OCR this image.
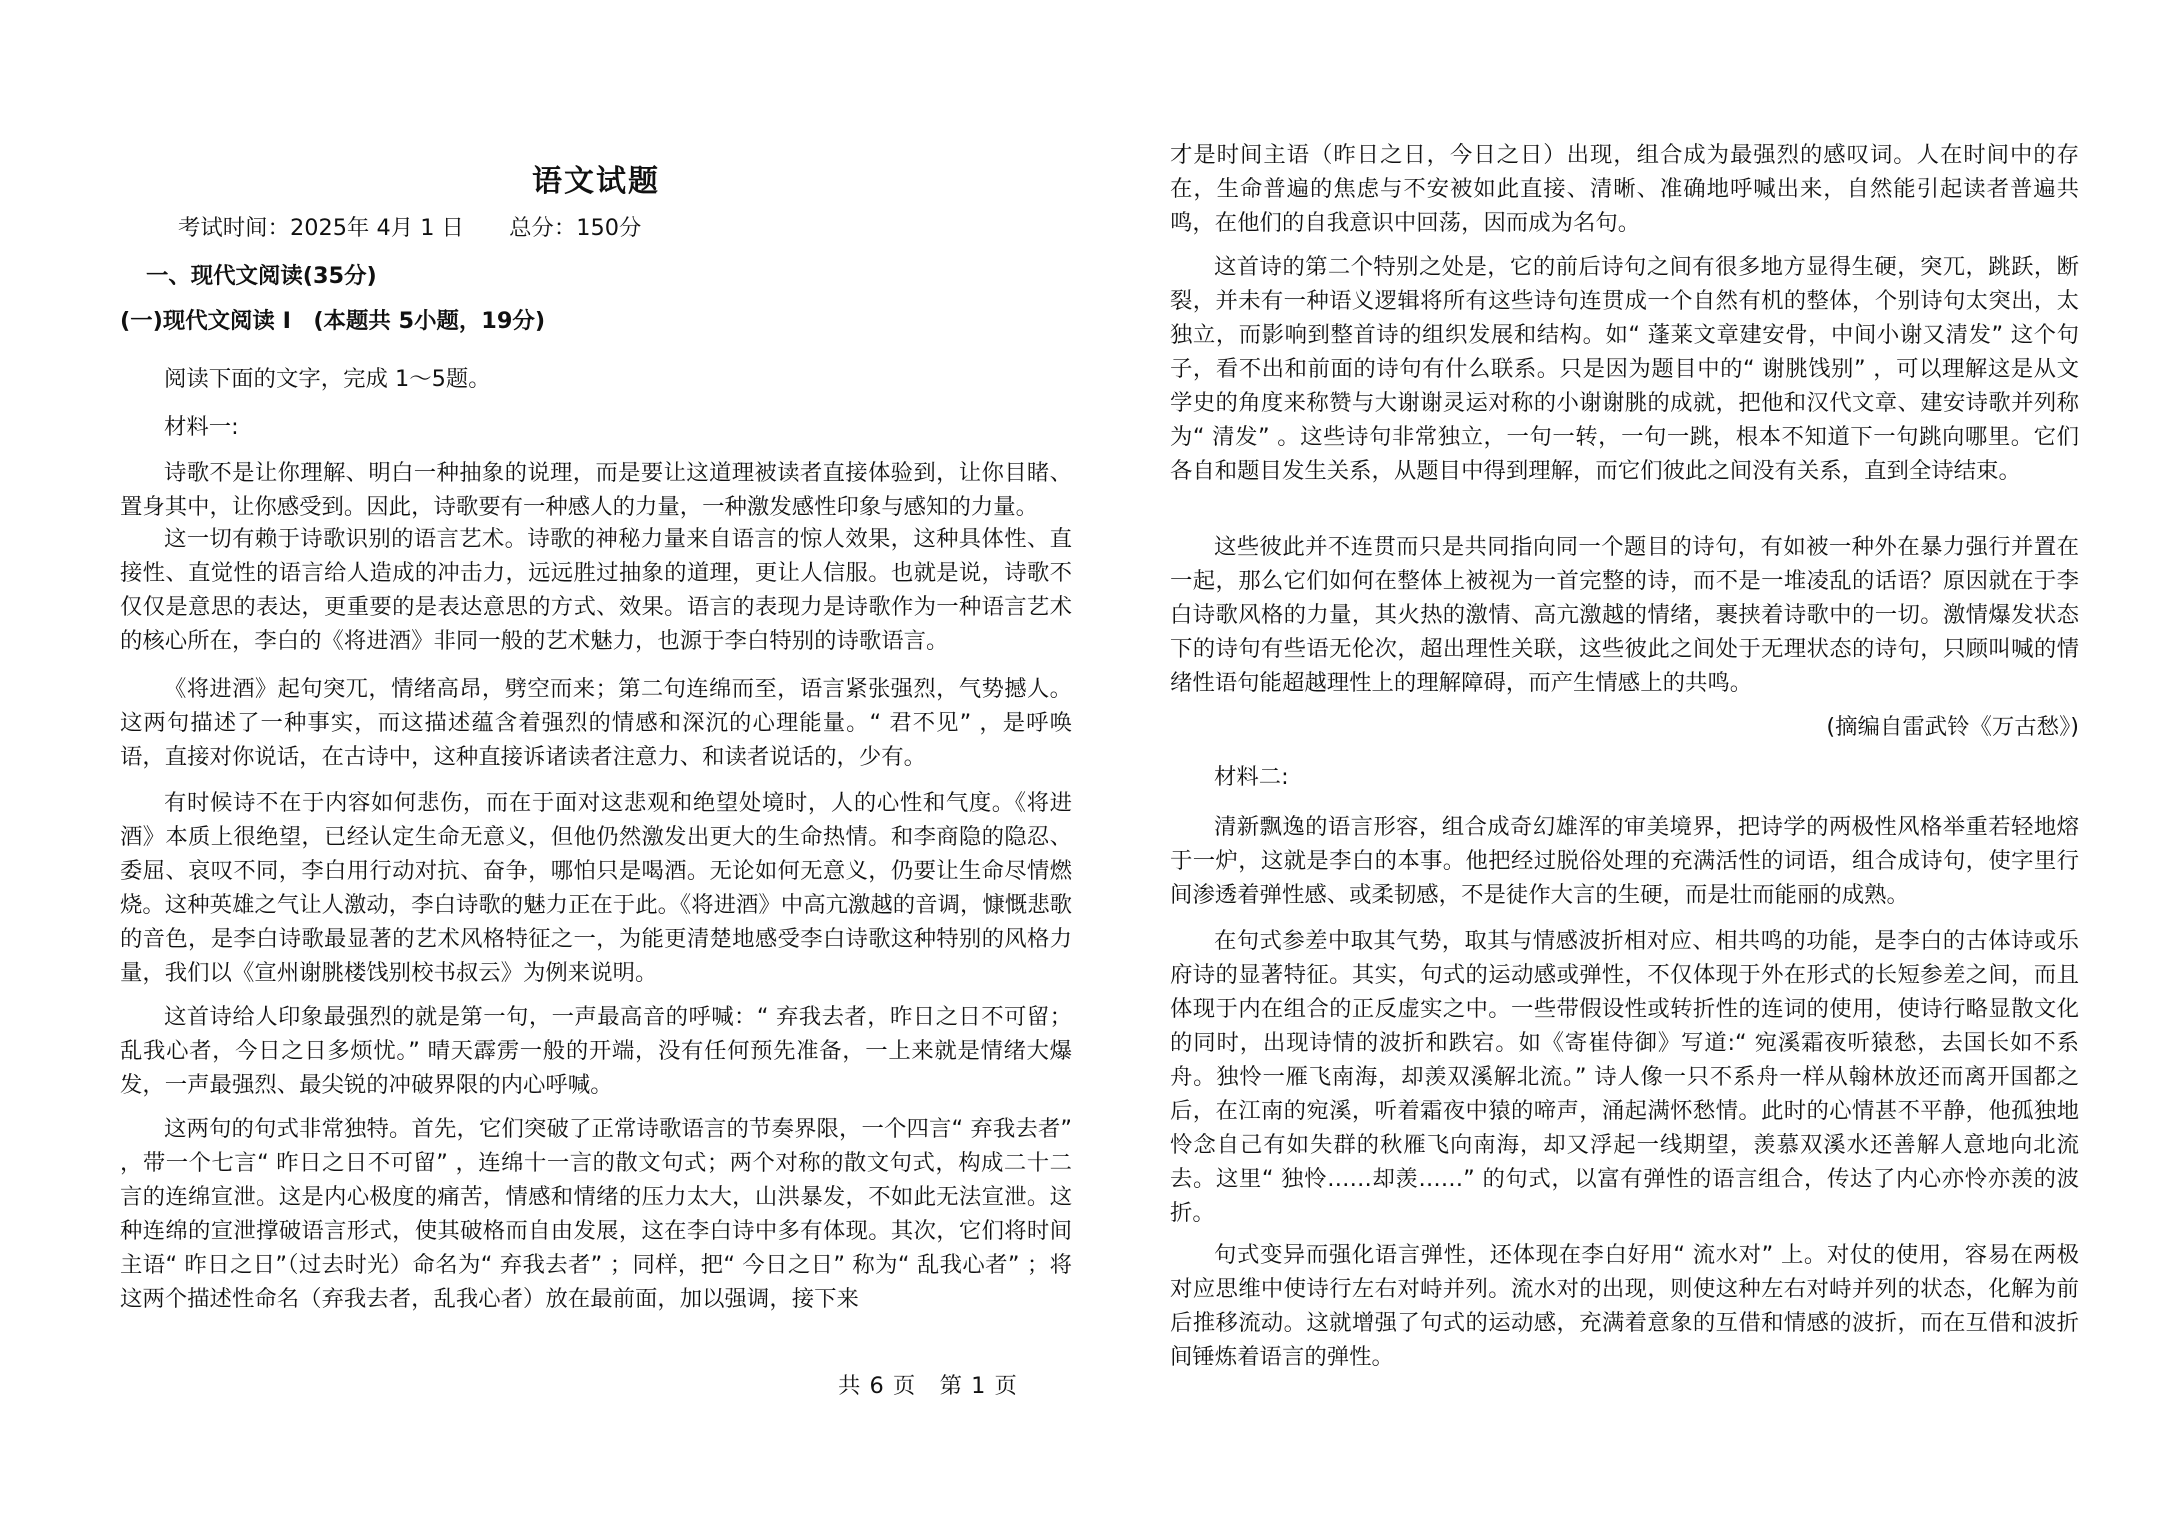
语文试题
考试时间：2025年 4月 1 日 总分：150分
一、现代文阅读(35分)
(一)现代文阅读 Ⅰ　(本题共 5小题，19分)

阅读下面的文字，完成 1～5题。

材料一:

诗歌不是让你理解、明白一种抽象的说理，而是要让这道理被读者直接体验到，让你目睹、置身其中，让你感受到。因此，诗歌要有一种感人的力量，一种激发感性印象与感知的力量。

这一切有赖于诗歌识别的语言艺术。诗歌的神秘力量来自语言的惊人效果，这种具体性、直接性、直觉性的语言给人造成的冲击力，远远胜过抽象的道理，更让人信服。也就是说，诗歌不仅仅是意思的表达，更重要的是表达意思的方式、效果。语言的表现力是诗歌作为一种语言艺术的核心所在，李白的《将进酒》非同一般的艺术魅力，也源于李白特别的诗歌语言。

《将进酒》起句突兀，情绪高昂，劈空而来；第二句连绵而至，语言紧张强烈，气势撼人。这两句描述了一种事实，而这描述蕴含着强烈的情感和深沉的心理能量。“ 君不见” ，是呼唤语，直接对你说话，在古诗中，这种直接诉诸读者注意力、和读者说话的，少有。

有时候诗不在于内容如何悲伤，而在于面对这悲观和绝望处境时，人的心性和气度。《将进酒》本质上很绝望，已经认定生命无意义，但他仍然激发出更大的生命热情。和李商隐的隐忍、委屈、哀叹不同，李白用行动对抗、奋争，哪怕只是喝酒。无论如何无意义，仍要让生命尽情燃烧。这种英雄之气让人激动，李白诗歌的魅力正在于此。《将进酒》中高亢激越的音调，慷慨悲歌的音色，是李白诗歌最显著的艺术风格特征之一，为能更清楚地感受李白诗歌这种特别的风格力量，我们以《宣州谢朓楼饯别校书叔云》为例来说明。

这首诗给人印象最强烈的就是第一句，一声最高音的呼喊：“ 弃我去者，昨日之日不可留；乱我心者，今日之日多烦忧。” 晴天霹雳一般的开端，没有任何预先准备，一上来就是情绪大爆发，一声最强烈、最尖锐的冲破界限的内心呼喊。

这两句的句式非常独特。首先，它们突破了正常诗歌语言的节奏界限，一个四言“ 弃我去者” ，带一个七言“ 昨日之日不可留” ，连绵十一言的散文句式；两个对称的散文句式，构成二十二言的连绵宣泄。这是内心极度的痛苦，情感和情绪的压力太大，山洪暴发，不如此无法宣泄。这种连绵的宣泄撑破语言形式，使其破格而自由发展，这在李白诗中多有体现。其次，它们将时间主语“ 昨日之日”（过去时光）命名为“ 弃我去者” ；同样，把“ 今日之日” 称为“ 乱我心者” ；将这两个描述性命名（弃我去者，乱我心者）放在最前面，加以强调，接下来

共 6 页　第 1 页

才是时间主语（昨日之日，今日之日）出现，组合成为最强烈的感叹词。人在时间中的存在，生命普遍的焦虑与不安被如此直接、清晰、准确地呼喊出来，自然能引起读者普遍共鸣，在他们的自我意识中回荡，因而成为名句。

这首诗的第二个特别之处是，它的前后诗句之间有很多地方显得生硬，突兀，跳跃，断裂，并未有一种语义逻辑将所有这些诗句连贯成一个自然有机的整体，个别诗句太突出，太独立，而影响到整首诗的组织发展和结构。如“ 蓬莱文章建安骨，中间小谢又清发” 这个句子，看不出和前面的诗句有什么联系。只是因为题目中的“ 谢朓饯别” ，可以理解这是从文学史的角度来称赞与大谢谢灵运对称的小谢谢朓的成就，把他和汉代文章、建安诗歌并列称为“ 清发” 。这些诗句非常独立，一句一转，一句一跳，根本不知道下一句跳向哪里。它们各自和题目发生关系，从题目中得到理解，而它们彼此之间没有关系，直到全诗结束。

这些彼此并不连贯而只是共同指向同一个题目的诗句，有如被一种外在暴力强行并置在一起，那么它们如何在整体上被视为一首完整的诗，而不是一堆凌乱的话语？原因就在于李白诗歌风格的力量，其火热的激情、高亢激越的情绪，裹挟着诗歌中的一切。激情爆发状态下的诗句有些语无伦次，超出理性关联，这些彼此之间处于无理状态的诗句，只顾叫喊的情绪性语句能超越理性上的理解障碍，而产生情感上的共鸣。

(摘编自雷武铃《万古愁》)

材料二:

清新飘逸的语言形容，组合成奇幻雄浑的审美境界，把诗学的两极性风格举重若轻地熔于一炉，这就是李白的本事。他把经过脱俗处理的充满活性的词语，组合成诗句，使字里行间渗透着弹性感、或柔韧感，不是徒作大言的生硬，而是壮而能丽的成熟。

在句式参差中取其气势，取其与情感波折相对应、相共鸣的功能，是李白的古体诗或乐府诗的显著特征。其实，句式的运动感或弹性，不仅体现于外在形式的长短参差之间，而且体现于内在组合的正反虚实之中。一些带假设性或转折性的连词的使用，使诗行略显散文化的同时，出现诗情的波折和跌宕。如《寄崔侍御》写道:“ 宛溪霜夜听猿愁，去国长如不系舟。独怜一雁飞南海，却羡双溪解北流。” 诗人像一只不系舟一样从翰林放还而离开国都之后，在江南的宛溪，听着霜夜中猿的啼声，涌起满怀愁情。此时的心情甚不平静，他孤独地怜念自己有如失群的秋雁飞向南海，却又浮起一线期望，羡慕双溪水还善解人意地向北流去。这里“ 独怜……却羡……” 的句式，以富有弹性的语言组合，传达了内心亦怜亦羡的波折。

句式变异而强化语言弹性，还体现在李白好用“ 流水对” 上。对仗的使用，容易在两极对应思维中使诗行左右对峙并列。流水对的出现，则使这种左右对峙并列的状态，化解为前后推移流动。这就增强了句式的运动感，充满着意象的互借和情感的波折，而在互借和波折间锤炼着语言的弹性。
